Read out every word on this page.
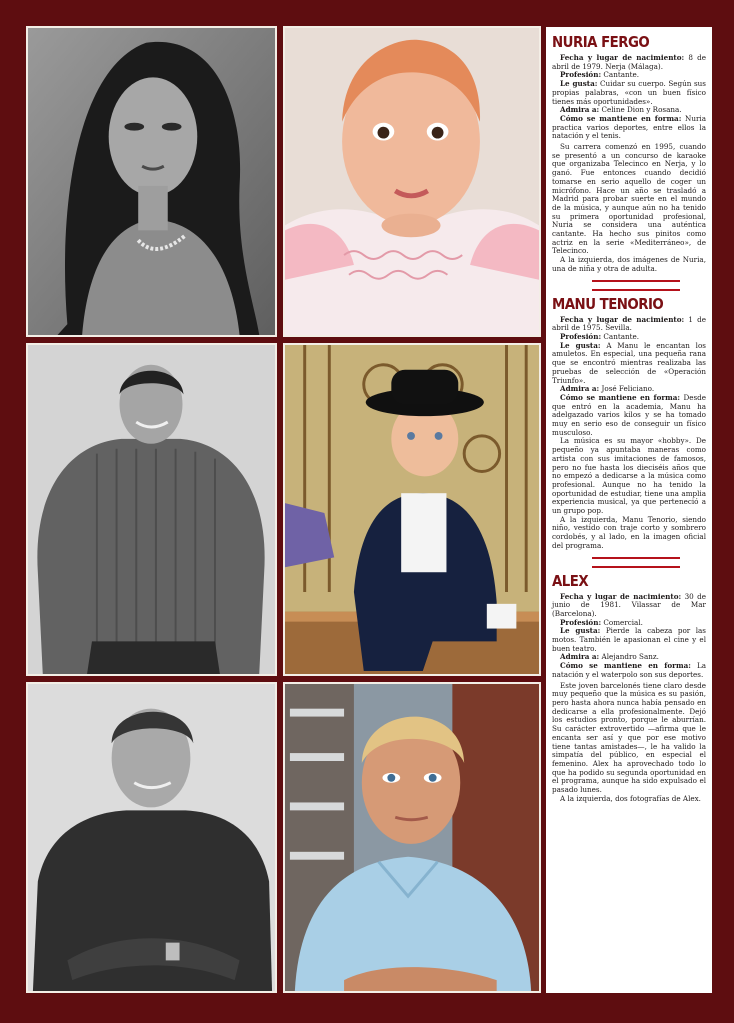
NURIA FERGO

Fecha y lugar de nacimiento: 8 de abril de 1979. Nerja (Málaga).

Profesión: Cantante.

Le gusta: Cuidar su cuerpo. Según sus propias palabras, «con un buen físico tienes más oportunidades».

Admira a: Celine Dion y Rosana.

Cómo se mantiene en forma: Nuria practica varios deportes, entre ellos la natación y el tenis.

Su carrera comenzó en 1995, cuando se presentó a un concurso de karaoke que organizaba Telecinco en Nerja, y lo ganó. Fue entonces cuando decidió tomarse en serio aquello de coger un micrófono. Hace un año se trasladó a Madrid para probar suerte en el mundo de la música, y aunque aún no ha tenido su primera oportunidad profesional, Nuria se considera una auténtica cantante. Ha hecho sus pinitos como actriz en la serie «Mediterráneo», de Telecinco.

A la izquierda, dos imágenes de Nuria, una de niña y otra de adulta.

MANU TENORIO

Fecha y lugar de nacimiento: 1 de abril de 1975. Sevilla.

Profesión: Cantante.

Le gusta: A Manu le encantan los amuletos. En especial, una pequeña rana que se encontró mientras realizaba las pruebas de selección de «Operación Triunfo».

Admira a: José Feliciano.

Cómo se mantiene en forma: Desde que entró en la academia, Manu ha adelgazado varios kilos y se ha tomado muy en serio eso de conseguir un físico musculoso.

La música es su mayor «hobby». De pequeño ya apuntaba maneras como artista con sus imitaciones de famosos, pero no fue hasta los dieciséis años que no empezó a dedicarse a la música como profesional. Aunque no ha tenido la oportunidad de estudiar, tiene una amplia experiencia musical, ya que perteneció a un grupo pop.

A la izquierda, Manu Tenorio, siendo niño, vestido con traje corto y sombrero cordobés, y al lado, en la imagen oficial del programa.

ALEX

Fecha y lugar de nacimiento: 30 de junio de 1981. Vilassar de Mar (Barcelona).

Profesión: Comercial.

Le gusta: Pierde la cabeza por las motos. También le apasionan el cine y el buen teatro.

Admira a: Alejandro Sanz.

Cómo se mantiene en forma: La natación y el waterpolo son sus deportes.

Este joven barcelonés tiene claro desde muy pequeño que la música es su pasión, pero hasta ahora nunca había pensado en dedicarse a ella profesionalmente. Dejó los estudios pronto, porque le aburrían. Su carácter extrovertido —afirma que le encanta ser así y que por ese motivo tiene tantas amistades—, le ha valido la simpatía del público, en especial el femenino. Alex ha aprovechado todo lo que ha podido su segunda oportunidad en el programa, aunque ha sido expulsado el pasado lunes.

A la izquierda, dos fotografías de Alex.
